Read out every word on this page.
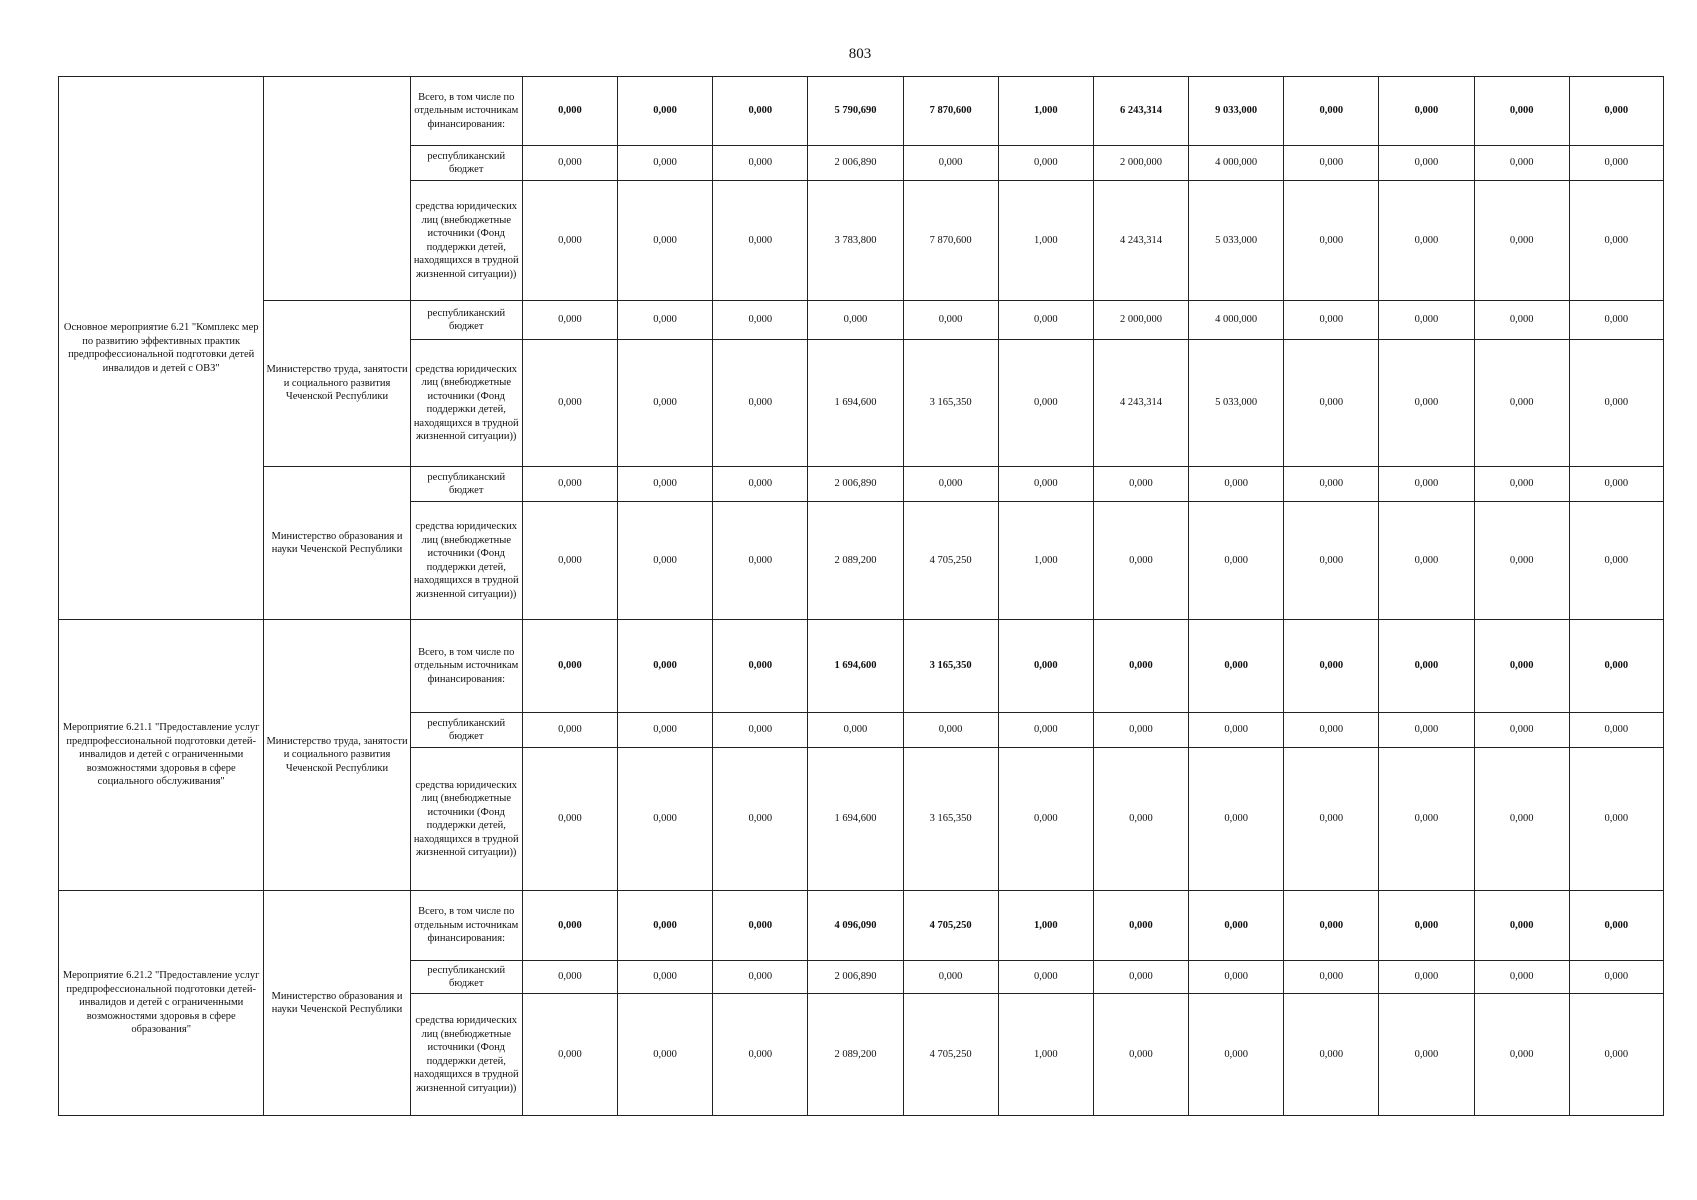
803
Основное мероприятие 6.21 "Комплекс мер по развитию эффективных практик предпрофессиональной подготовки детей инвалидов и детей с ОВЗ"		Всего, в том числе по отдельным источникам финансирования:	0,000	0,000	0,000	5 790,690	7 870,600	1,000	6 243,314	9 033,000	0,000	0,000	0,000	0,000
		республиканский бюджет	0,000	0,000	0,000	2 006,890	0,000	0,000	2 000,000	4 000,000	0,000	0,000	0,000	0,000
		средства юридических лиц (внебюджетные источники (Фонд поддержки детей, находящихся в трудной жизненной ситуации))	0,000	0,000	0,000	3 783,800	7 870,600	1,000	4 243,314	5 033,000	0,000	0,000	0,000	0,000
	Министерство труда, занятости и социального развития Чеченской Республики	республиканский бюджет	0,000	0,000	0,000	0,000	0,000	0,000	2 000,000	4 000,000	0,000	0,000	0,000	0,000
		средства юридических лиц (внебюджетные источники (Фонд поддержки детей, находящихся в трудной жизненной ситуации))	0,000	0,000	0,000	1 694,600	3 165,350	0,000	4 243,314	5 033,000	0,000	0,000	0,000	0,000
	Министерство образования и науки Чеченской Республики	республиканский бюджет	0,000	0,000	0,000	2 006,890	0,000	0,000	0,000	0,000	0,000	0,000	0,000	0,000
		средства юридических лиц (внебюджетные источники (Фонд поддержки детей, находящихся в трудной жизненной ситуации))	0,000	0,000	0,000	2 089,200	4 705,250	1,000	0,000	0,000	0,000	0,000	0,000	0,000
Мероприятие 6.21.1 "Предоставление услуг предпрофессиональной подготовки детей-инвалидов и детей с ограниченными возможностями здоровья в сфере социального обслуживания"	Министерство труда, занятости и социального развития Чеченской Республики	Всего, в том числе по отдельным источникам финансирования:	0,000	0,000	0,000	1 694,600	3 165,350	0,000	0,000	0,000	0,000	0,000	0,000	0,000
		республиканский бюджет	0,000	0,000	0,000	0,000	0,000	0,000	0,000	0,000	0,000	0,000	0,000	0,000
		средства юридических лиц (внебюджетные источники (Фонд поддержки детей, находящихся в трудной жизненной ситуации))	0,000	0,000	0,000	1 694,600	3 165,350	0,000	0,000	0,000	0,000	0,000	0,000	0,000
Мероприятие 6.21.2 "Предоставление услуг предпрофессиональной подготовки детей-инвалидов и детей с ограниченными возможностями здоровья в сфере образования"	Министерство образования и науки Чеченской Республики	Всего, в том числе по отдельным источникам финансирования:	0,000	0,000	0,000	4 096,090	4 705,250	1,000	0,000	0,000	0,000	0,000	0,000	0,000
		республиканский бюджет	0,000	0,000	0,000	2 006,890	0,000	0,000	0,000	0,000	0,000	0,000	0,000	0,000
		средства юридических лиц (внебюджетные источники (Фонд поддержки детей, находящихся в трудной жизненной ситуации))	0,000	0,000	0,000	2 089,200	4 705,250	1,000	0,000	0,000	0,000	0,000	0,000	0,000
